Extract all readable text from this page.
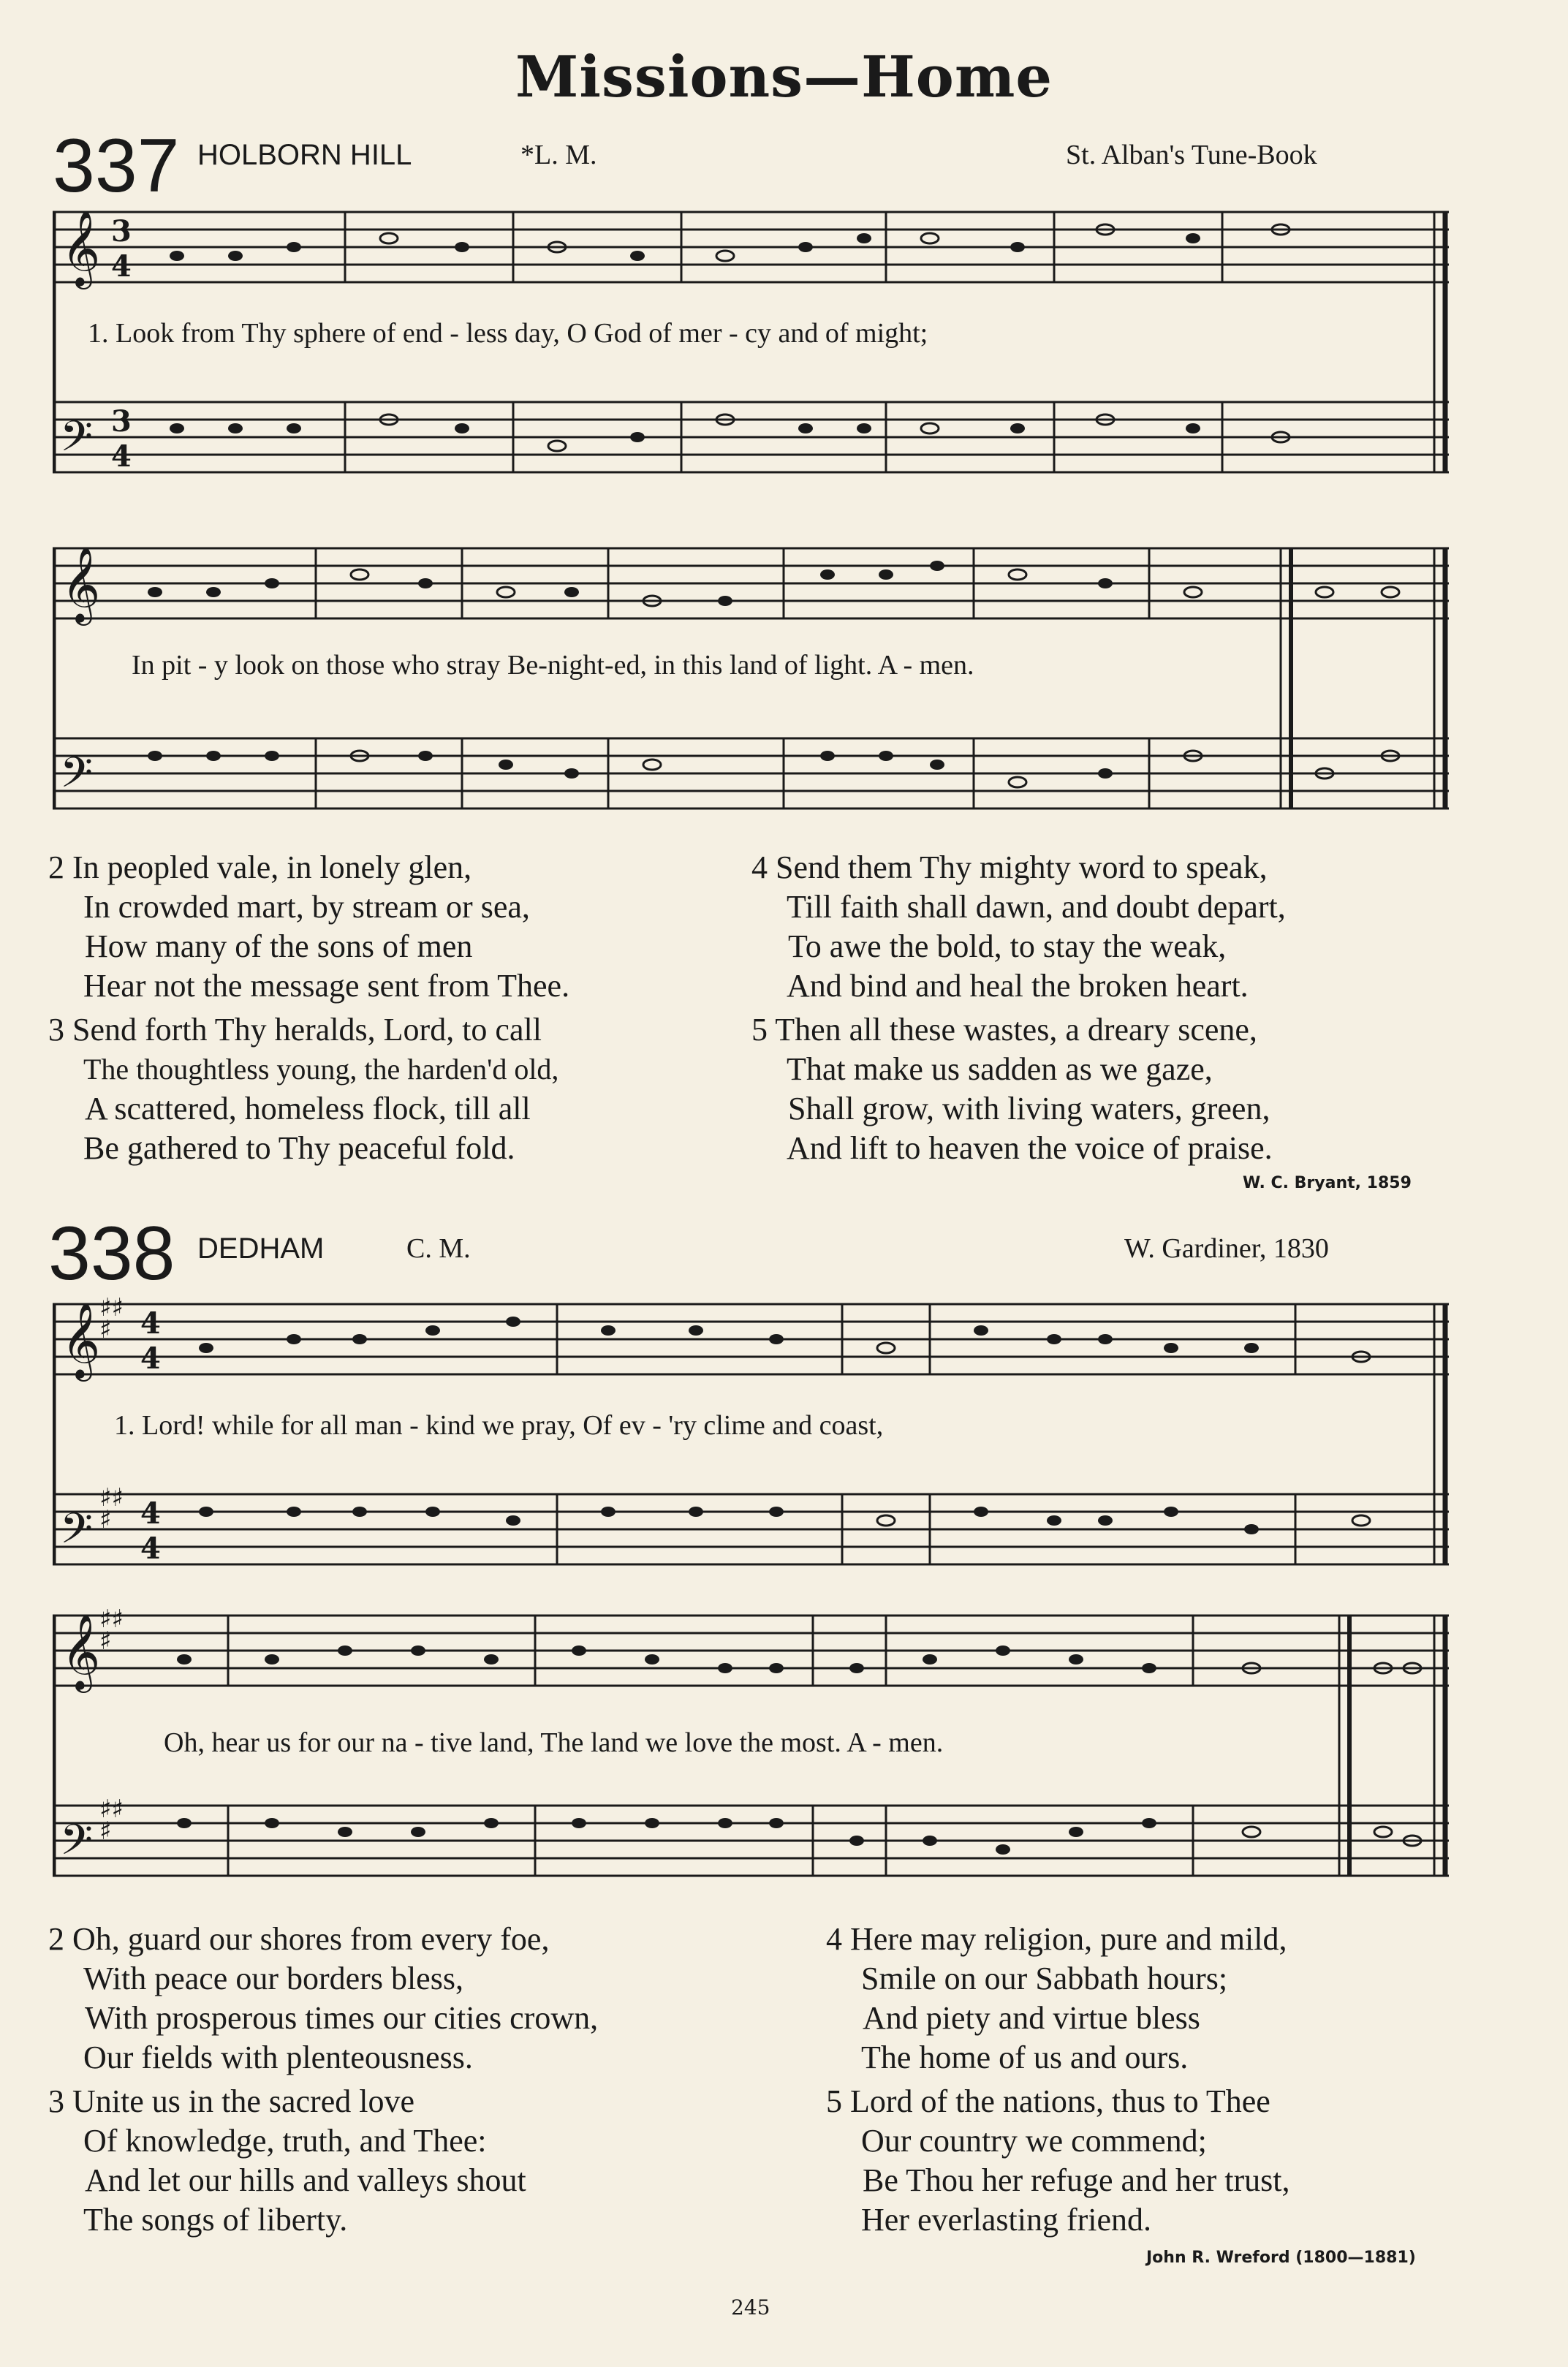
Missions—Home
337 HOLBORN HILL	*L. M.	St. Alban's Tune-Book
𝄞
𝄢
3
4
3
4
1. Look from Thy sphere of end - less day, O God of mer - cy and of might;
𝄞
𝄢
In pit - y look on those who stray Be-night-ed, in this land of light. A - men.
2 In peopled vale, in lonely glen,
In crowded mart, by stream or sea,
How many of the sons of men
Hear not the message sent from Thee.
3 Send forth Thy heralds, Lord, to call
The thoughtless young, the harden'd old,
A scattered, homeless flock, till all
Be gathered to Thy peaceful fold.
4 Send them Thy mighty word to speak,
Till faith shall dawn, and doubt depart,
To awe the bold, to stay the weak,
And bind and heal the broken heart.
5 Then all these wastes, a dreary scene,
That make us sadden as we gaze,
Shall grow, with living waters, green,
And lift to heaven the voice of praise.
W. C. Bryant, 1859
338 DEDHAM	C. M.	W. Gardiner, 1830
𝄞
𝄢
♯♯
♯ 4
4
♯♯
♯ 4
4
1. Lord! while for all man - kind we pray, Of ev - 'ry clime and coast,
𝄞
𝄢
♯♯
♯
♯♯
♯
Oh, hear us for our na - tive land, The land we love the most. A - men.
2 Oh, guard our shores from every foe,
With peace our borders bless,
With prosperous times our cities crown,
Our fields with plenteousness.
3 Unite us in the sacred love
Of knowledge, truth, and Thee:
And let our hills and valleys shout
The songs of liberty.
4 Here may religion, pure and mild,
Smile on our Sabbath hours;
And piety and virtue bless
The home of us and ours.
5 Lord of the nations, thus to Thee
Our country we commend;
Be Thou her refuge and her trust,
Her everlasting friend.
John R. Wreford (1800—1881)
245
